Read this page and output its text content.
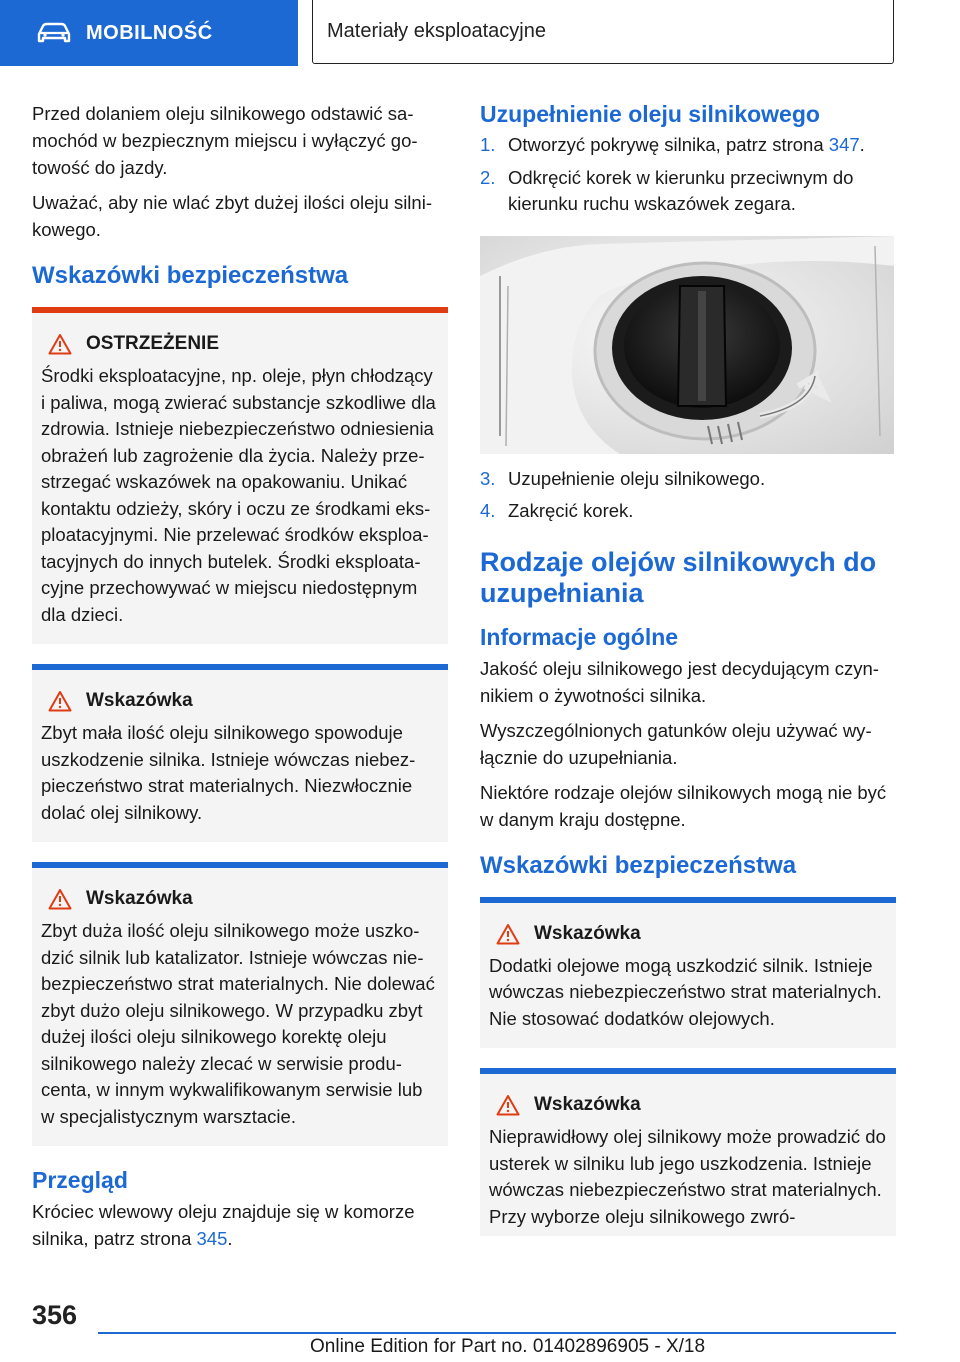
MOBILNOŚĆ	Materiały eksploatacyjne

Przed dolaniem oleju silnikowego odstawić samochód w bezpiecznym miejscu i wyłączyć gotowość do jazdy.

Uważać, aby nie wlać zbyt dużej ilości oleju silnikowego.

Wskazówki bezpieczeństwa
OSTRZEŻENIE

Środki eksploatacyjne, np. oleje, płyn chłodzący i paliwa, mogą zwierać substancje szkodliwe dla zdrowia. Istnieje niebezpieczeństwo odniesienia obrażeń lub zagrożenie dla życia. Należy przestrzegać wskazówek na opakowaniu. Unikać kontaktu odzieży, skóry i oczu ze środkami eksploatacyjnymi. Nie przelewać środków eksploatacyjnych do innych butelek. Środki eksploatacyjne przechowywać w miejscu niedostępnym dla dzieci.

Wskazówka

Zbyt mała ilość oleju silnikowego spowoduje uszkodzenie silnika. Istnieje wówczas niebezpieczeństwo strat materialnych. Niezwłocznie dolać olej silnikowy.

Wskazówka

Zbyt duża ilość oleju silnikowego może uszkodzić silnik lub katalizator. Istnieje wówczas niebezpieczeństwo strat materialnych. Nie dolewać zbyt dużo oleju silnikowego. W przypadku zbyt dużej ilości oleju silnikowego korektę oleju silnikowego należy zlecać w serwisie producenta, w innym wykwalifikowanym serwisie lub w specjalistycznym warsztacie.

Przegląd

Króciec wlewowy oleju znajduje się w komorze silnika, patrz strona 345.

Uzupełnienie oleju silnikowego
1. Otworzyć pokrywę silnika, patrz strona 347.
2. Odkręcić korek w kierunku przeciwnym do kierunku ruchu wskazówek zegara.
3. Uzupełnienie oleju silnikowego.
4. Zakręcić korek.
Rodzaje olejów silnikowych do uzupełniania
Informacje ogólne

Jakość oleju silnikowego jest decydującym czynnikiem o żywotności silnika.

Wyszczególnionych gatunków oleju używać wyłącznie do uzupełniania.

Niektóre rodzaje olejów silnikowych mogą nie być w danym kraju dostępne.

Wskazówki bezpieczeństwa
Wskazówka

Dodatki olejowe mogą uszkodzić silnik. Istnieje wówczas niebezpieczeństwo strat materialnych. Nie stosować dodatków olejowych.

Wskazówka

Nieprawidłowy olej silnikowy może prowadzić do usterek w silniku lub jego uszkodzenia. Istnieje wówczas niebezpieczeństwo strat materialnych. Przy wyborze oleju silnikowego zwró-

356
Online Edition for Part no. 01402896905 - X/18
